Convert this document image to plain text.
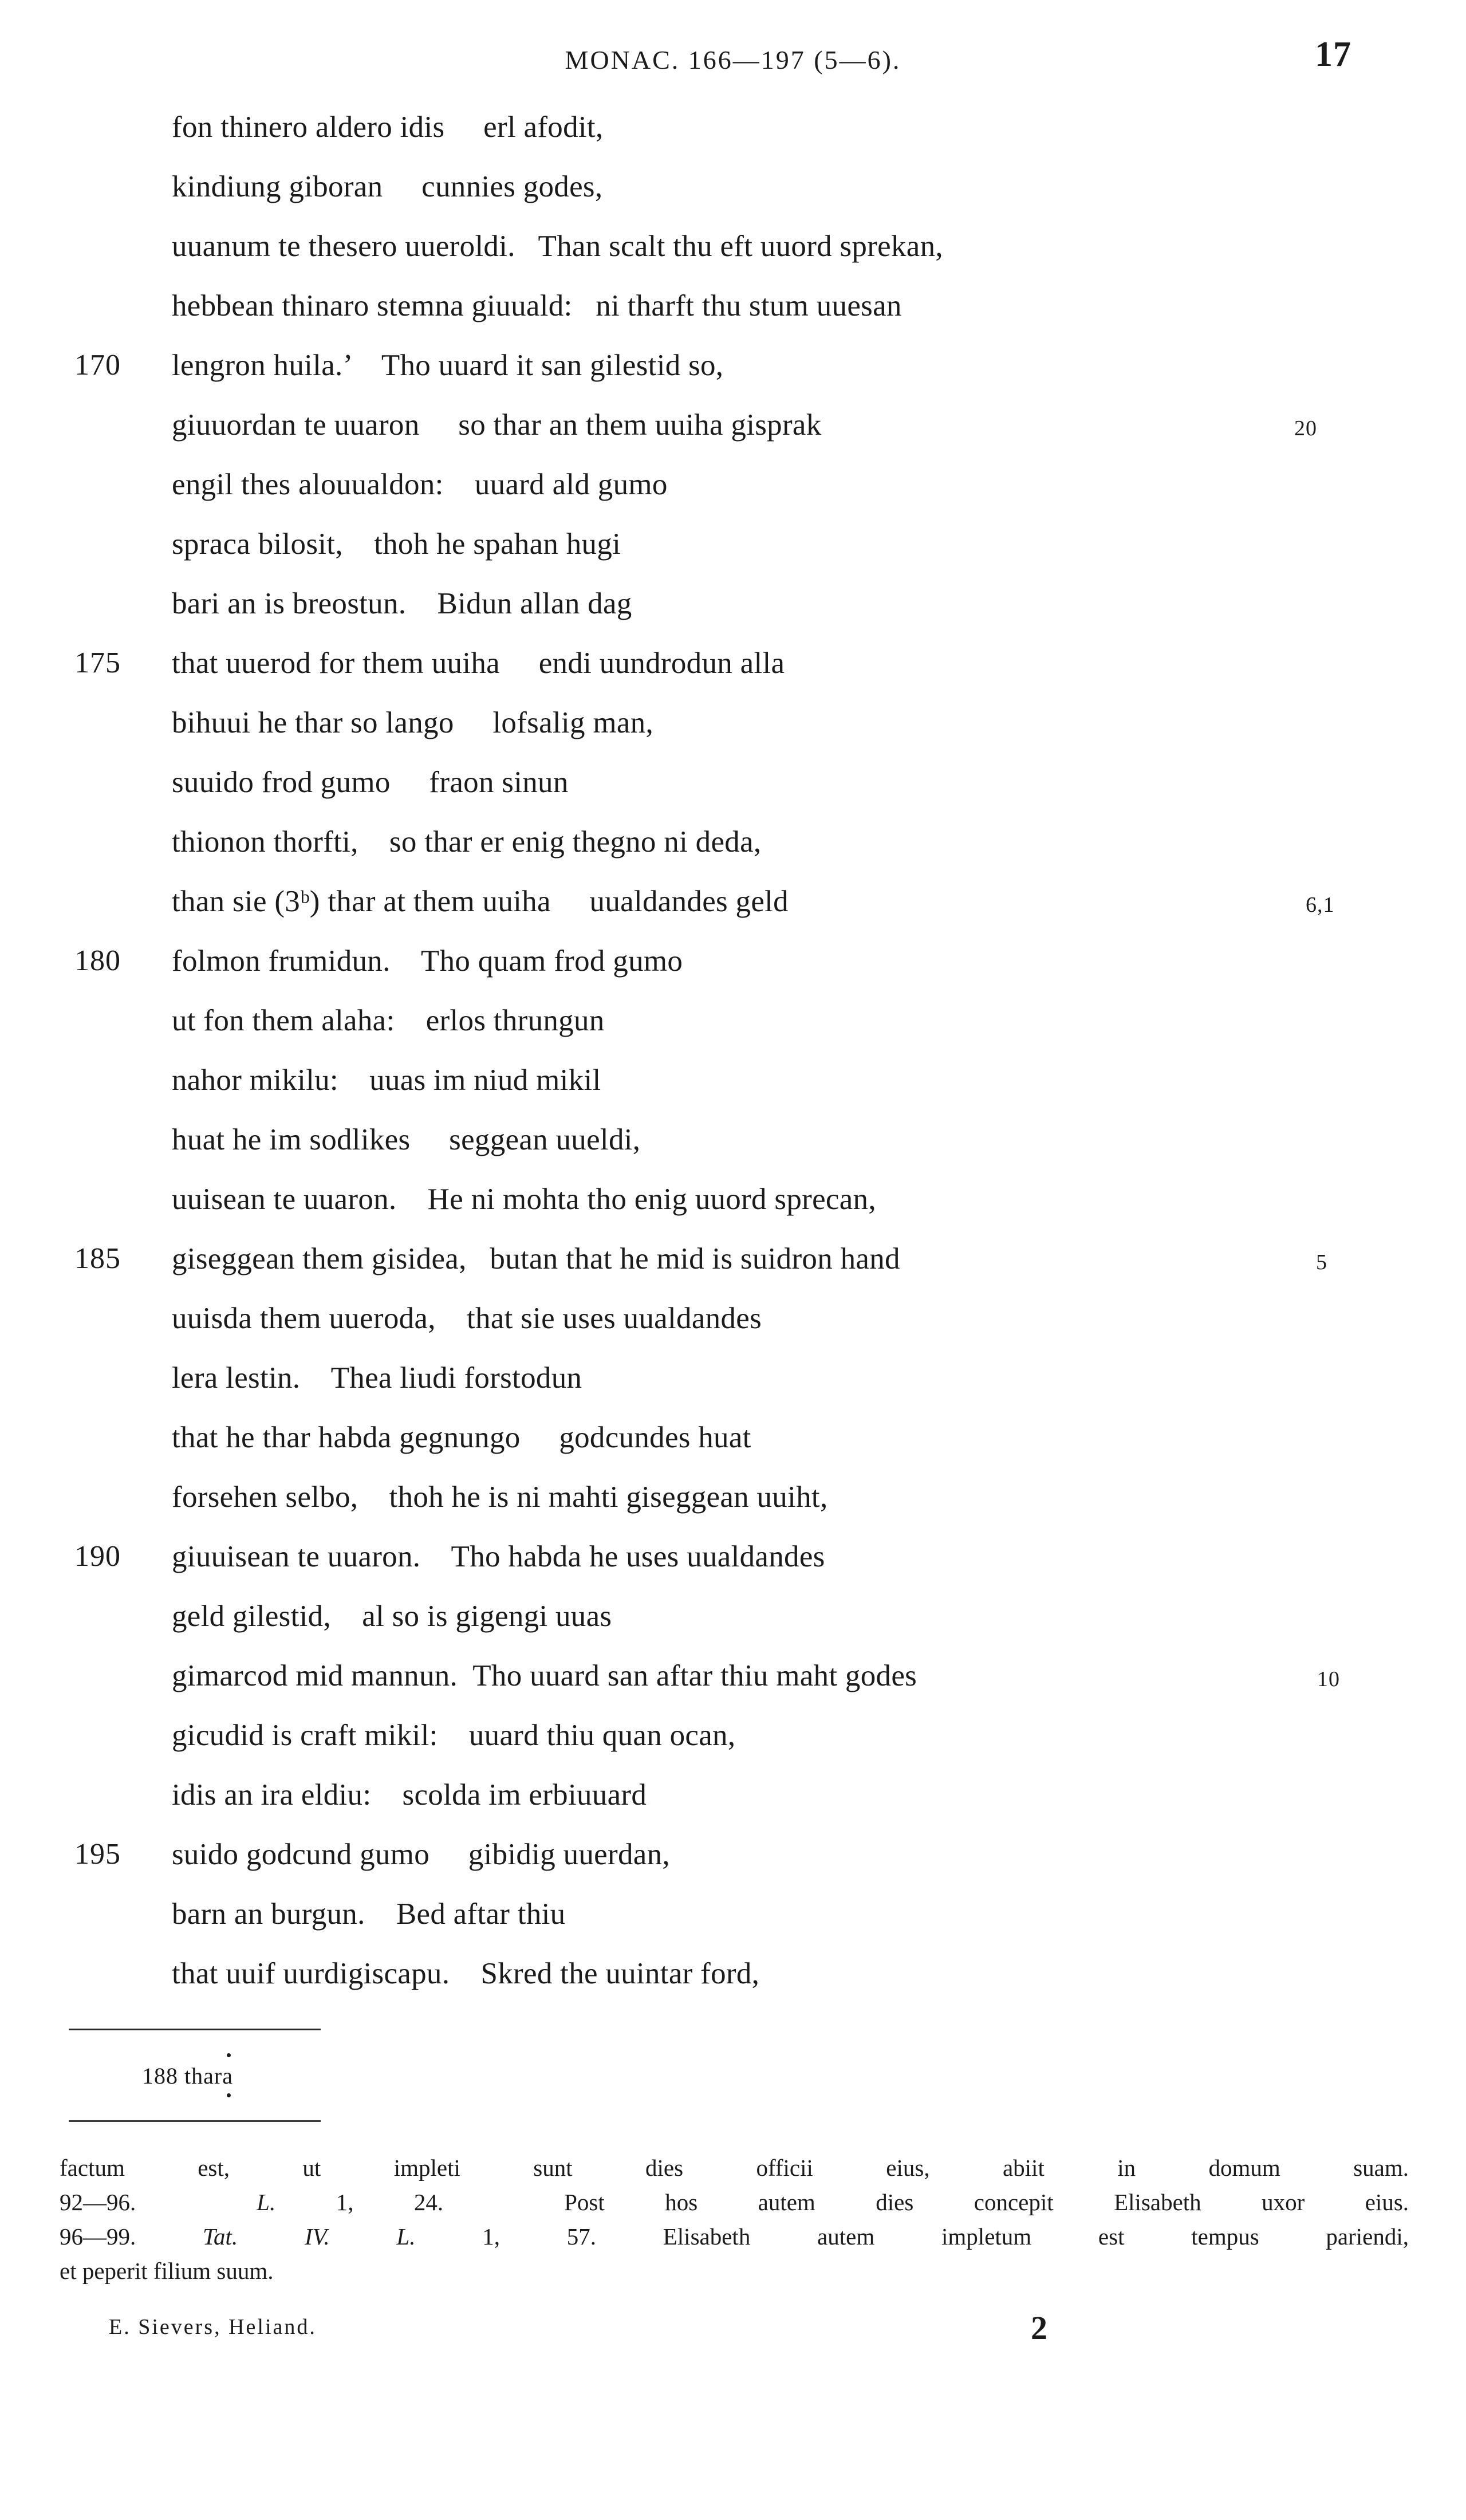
MONAC. 166—197 (5—6).	17
fon thinero aldero idis     erl afodit,
kindiung giboran     cunnies godes,
uuanum te thesero uueroldi.   Than scalt thu eft uuord sprekan,
hebbean thinaro stemna giuuald:   ni tharft thu stum uuesan
170	lengron huila.’    Tho uuard it san gilestid so,
giuuordan te uuaron     so thar an them uuiha gisprak	20
engil thes alouualdon:    uuard ald gumo
spraca bilosit,    thoh he spahan hugi
bari an is breostun.    Bidun allan dag
175	that uuerod for them uuiha     endi uundrodun alla
bihuui he thar so lango     lofsalig man,
suuido frod gumo     fraon sinun
thionon thorfti,    so thar er enig thegno ni deda,
than sie (3ᵇ) thar at them uuiha     uualdandes geld	6,1
180	folmon frumidun.    Tho quam frod gumo
ut fon them alaha:    erlos thrungun
nahor mikilu:    uuas im niud mikil
huat he im sodlikes     seggean uueldi,
uuisean te uuaron.    He ni mohta tho enig uuord sprecan,
185	giseggean them gisidea,   butan that he mid is suidron hand	5
uuisda them uueroda,    that sie uses uualdandes
lera lestin.    Thea liudi forstodun
that he thar habda gegnungo     godcundes huat
forsehen selbo,    thoh he is ni mahti giseggean uuiht,
190	giuuisean te uuaron.    Tho habda he uses uualdandes
geld gilestid,    al so is gigengi uuas
gimarcod mid mannun.  Tho uuard san aftar thiu maht godes	10
gicudid is craft mikil:    uuard thiu quan ocan,
idis an ira eldiu:    scolda im erbiuuard
195	suido godcund gumo     gibidig uuerdan,
barn an burgun.    Bed aftar thiu
that uuif uurdigiscapu.    Skred the uuintar ford,
188 thara
factum est, ut impleti sunt dies officii eius, abiit in domum suam.
92—96.	L.	1, 24.	Post hos autem dies concepit Elisabeth uxor eius.
96—99.	Tat. IV.	L.	1, 57.	Elisabeth autem impletum est tempus pariendi,
et peperit filium suum.
E. Sievers, Heliand.	2
